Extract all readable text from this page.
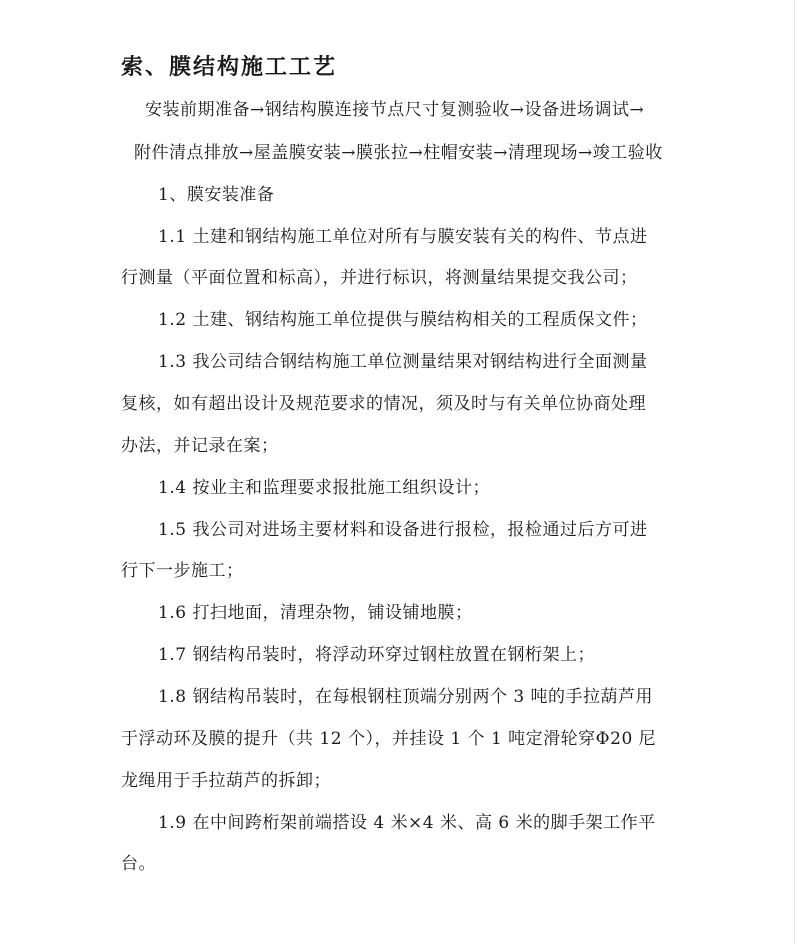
索、膜结构施工工艺
安装前期准备→钢结构膜连接节点尺寸复测验收→设备进场调试→
附件清点排放→屋盖膜安装→膜张拉→柱帽安装→清理现场→竣工验收
1、膜安装准备
1.1 土建和钢结构施工单位对所有与膜安装有关的构件、节点进
行测量（平面位置和标高），并进行标识，将测量结果提交我公司；
1.2 土建、钢结构施工单位提供与膜结构相关的工程质保文件；
1.3 我公司结合钢结构施工单位测量结果对钢结构进行全面测量
复核，如有超出设计及规范要求的情况，须及时与有关单位协商处理
办法，并记录在案；
1.4 按业主和监理要求报批施工组织设计；
1.5 我公司对进场主要材料和设备进行报检，报检通过后方可进
行下一步施工；
1.6 打扫地面，清理杂物，铺设铺地膜；
1.7 钢结构吊装时，将浮动环穿过钢柱放置在钢桁架上；
1.8 钢结构吊装时，在每根钢柱顶端分别两个 3 吨的手拉葫芦用
于浮动环及膜的提升（共 12 个），并挂设 1 个 1 吨定滑轮穿Φ20 尼
龙绳用于手拉葫芦的拆卸；
1.9 在中间跨桁架前端搭设 4 米×4 米、高 6 米的脚手架工作平
台。
